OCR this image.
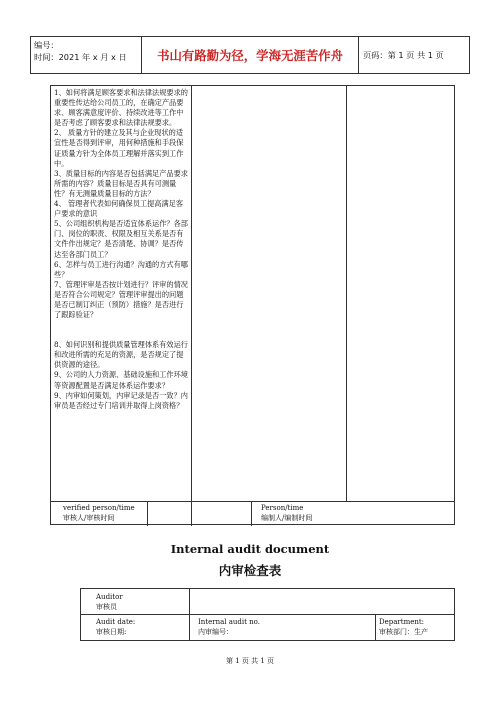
编号：
时间：2021 年 x 月 x 日	书山有路勤为径，学海无涯苦作舟	页码：第 1 页 共 1 页

1、如何将满足顾客要求和法律法规要求的重要性传达给公司员工的，在确定产品要求、顾客满意度评价、持续改进等工作中是否考虑了顾客要求和法律法规要求。

2、 质量方针的建立及其与企业现状的适宜性是否得到评审，用何种措施和手段保证质量方针为全体员工理解并落实到工作中。

3、质量目标的内容是否包括满足产品要求所需的内容？质量目标是否具有可测量性？有无测量质量目标的方法？

4、 管理者代表如何确保员工提高满足客户要求的意识

5、公司组织机构是否适宜体系运作？各部门、岗位的职责、权限及相互关系是否有文件作出规定？是否清楚、协调？是否传达至各部门员工？

6、怎样与员工进行沟通？沟通的方式有哪些？

7、管理评审是否按计划进行？评审的情况是否符合公司规定？管理评审提出的问题是否已制订纠正（预防）措施？是否进行了跟踪验证？

8、如何识别和提供质量管理体系有效运行和改进所需的充足的资源，是否规定了提供资源的途径。

9、公司的人力资源、基础设施和工作环境等资源配置是否满足体系运作要求？

9、内审如何策划，内审记录是否一致？内审员是否经过专门培训并取得上岗资格？

verified person/time
审核人/审核时间
Person/time
编制人/编制时间
Internal audit document
内审检查表
Auditor
审核员
Audit date:
审核日期:
Internal audit no.
内审编号：
Department:
审核部门：生产
第 1 页 共 1 页
